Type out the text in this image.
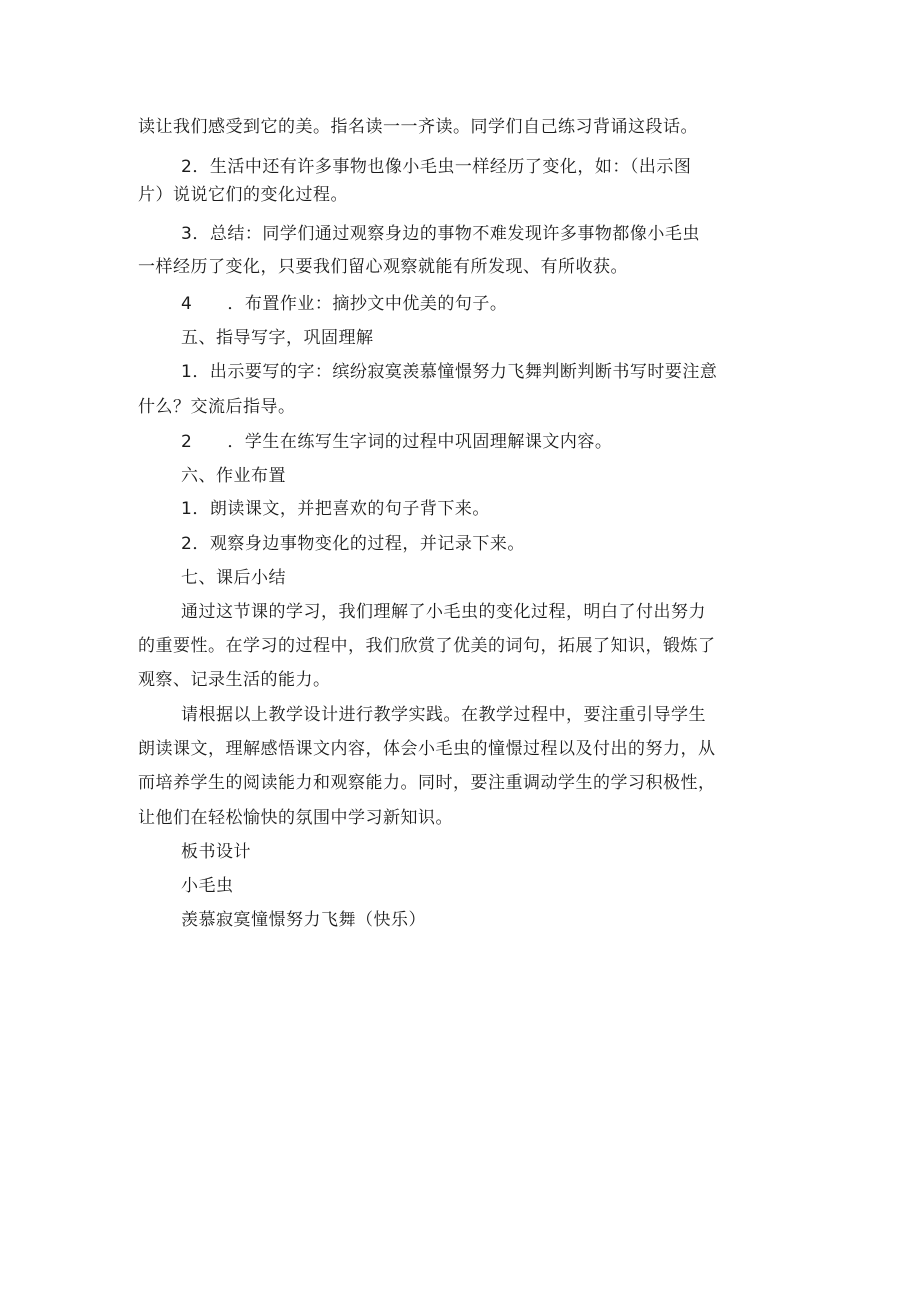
读让我们感受到它的美。指名读一一齐读。同学们自己练习背诵这段话。
2．生活中还有许多事物也像小毛虫一样经历了变化，如：（出示图
片）说说它们的变化过程。
3．总结：同学们通过观察身边的事物不难发现许多事物都像小毛虫
一样经历了变化，只要我们留心观察就能有所发现、有所收获。
4　　．布置作业：摘抄文中优美的句子。
五、指导写字，巩固理解
1．出示要写的字：缤纷寂寞羡慕憧憬努力飞舞判断判断书写时要注意
什么？交流后指导。
2　　．学生在练写生字词的过程中巩固理解课文内容。
六、作业布置
1．朗读课文，并把喜欢的句子背下来。
2．观察身边事物变化的过程，并记录下来。
七、课后小结
通过这节课的学习，我们理解了小毛虫的变化过程，明白了付出努力
的重要性。在学习的过程中，我们欣赏了优美的词句，拓展了知识，锻炼了
观察、记录生活的能力。
请根据以上教学设计进行教学实践。在教学过程中，要注重引导学生
朗读课文，理解感悟课文内容，体会小毛虫的憧憬过程以及付出的努力，从
而培养学生的阅读能力和观察能力。同时，要注重调动学生的学习积极性，
让他们在轻松愉快的氛围中学习新知识。
板书设计
小毛虫
羡慕寂寞憧憬努力飞舞（快乐）
